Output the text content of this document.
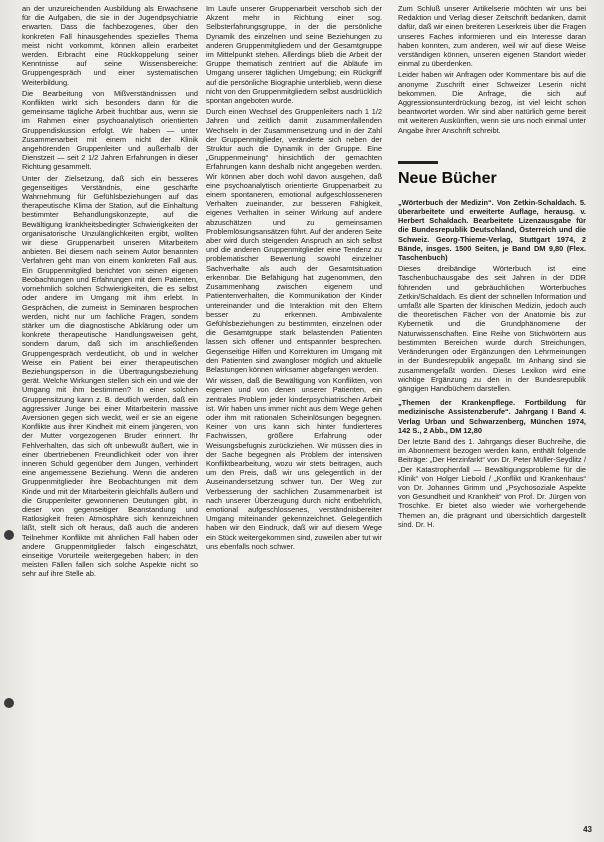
an der unzureichenden Ausbildung als Erwachsene für die Aufgaben, die sie in der Jugendpsychiatrie erwarten. Dass die fachbezogenes, über den konkreten Fall hinausgehendes spezielles Thema meist nicht vorkommt, können allein erarbeitet werden. Erbracht eine Rückkoppelung seiner Kenntnisse auf seine Wissensbereiche: Gruppengespräch und einer systematischen Weiterbildung.

Die Bearbeitung von Mißverständnissen und Konflikten wirkt sich besonders dann für die gemeinsame tägliche Arbeit fruchtbar aus, wenn sie im Rahmen einer psychoanalytisch orientierten Gruppendiskussion erfolgt. Wir haben — unter Zusammenarbeit mit einem nicht der Klinik angehörenden Gruppenleiter und außerhalb der Dienstzeit — seit 2 1/2 Jahren Erfahrungen in dieser Richtung gesammelt.

Unter der Zielsetzung, daß sich ein besseres gegenseitiges Verständnis, eine geschärfte Wahrnehmung für Gefühlsbeziehungen auf das therapeutische Klima der Station, auf die Einhaltung bestimmter Behandlungskonzepte, auf die Bewältigung krankheitsbedingter Schwierigkeiten der organisatorische Unzulänglichkeiten ergibt, wollten wir diese Gruppenarbeit unseren Mitarbeitern anbieten. Bei diesem nach seinem Autor benannten Verfahren geht man von einem konkreten Fall aus. Ein Gruppenmitglied berichtet von seinen eigenen Beobachtungen und Erfahrungen mit dem Patienten, vornehmlich solchen Schwierigkeiten, die es selbst oder andere im Umgang mit ihm erlebt. In Gesprächen, die zumeist in Seminaren besprochen werden, nicht nur um fachliche Fragen, sondern stärker um die diagnostische Abklärung oder um konkrete therapeutische Handlungsweisen geht, sondern darum, daß sich im anschließenden Gruppengespräch verdeutlicht, ob und in welcher Weise ein Patient bei einer therapeutischen Beziehungsperson in die Übertragungsbeziehung gerät. Welche Wirkungen stellen sich ein und wie der Umgang mit ihm bestimmen? In einer solchen Gruppensitzung kann z. B. deutlich werden, daß ein aggressiver Junge bei einer Mitarbeiterin massive Aversionen gegen sich weckt, weil er sie an eigene Konflikte aus ihrer Kindheit mit einem jüngeren, von der Mutter vorgezogenen Bruder erinnert. Ihr Fehlverhalten, das sich oft unbewußt äußert, wie in einer übertriebenen Freundlichkeit oder von ihrer inneren Schuld gegenüber dem Jungen, verhindert eine angemessene Beziehung. Wenn die anderen Gruppenmitglieder ihre Beobachtungen mit dem Kinde und mit der Mitarbeiterin gleichfalls äußern und die Gruppenleiter gewonnenen Deutungen gibt, in dieser von gegenseitiger Beanstandung und Ratlosigkeit freien Atmosphäre sich kennzeichnen läßt, stellt sich oft heraus, daß auch die anderen Teilnehmer Konflikte mit ähnlichen Fall haben oder andere Gruppenmitglieder falsch eingeschätzt, einseitige Vorurteile weitergegeben haben; in den meisten Fällen fallen sich solche Aspekte nicht so sehr auf ihre Stelle ab.

Im Laufe unserer Gruppenarbeit verschob sich der Akzent mehr in Richtung einer sog. Selbsterfahrungsgruppe, in der die persönliche Dynamik des einzelnen und seine Beziehungen zu anderen Gruppenmitgliedern und der Gesamtgruppe im Mittelpunkt stehen. Allerdings blieb die Arbeit der Gruppe thematisch zentriert auf die Abläufe im Umgang unserer täglichen Umgebung; ein Rückgriff auf die persönliche Biographie unterblieb, wenn diese nicht von den Gruppenmitgliedern selbst ausdrücklich spontan angeboten wurde.

Durch einen Wechsel des Gruppenleiters nach 1 1/2 Jahren und zeitlich damit zusammenfallenden Wechseln in der Zusammensetzung und in der Zahl der Gruppenmitglieder, veränderte sich neben der Struktur auch die Dynamik in der Gruppe. Eine „Gruppenmeinung“ hinsichtlich der gemachten Erfahrungen kann deshalb nicht angegeben werden. Wir können aber doch wohl davon ausgehen, daß eine psychoanalytisch orientierte Gruppenarbeit zu einem spontaneren, emotional aufgeschlosseneren Verhalten zueinander, zur besseren Fähigkeit, eigenes Verhalten in seiner Wirkung auf andere abzuschätzen und zu gemeinsamen Problemlösungsansätzen führt. Auf der anderen Seite aber wird durch steigenden Anspruch an sich selbst und die anderen Gruppenmitglieder eine Tendenz zu problematischer Bewertung sowohl einzelner Sachverhalte als auch der Gesamtsituation erkennbar. Die Befähigung hat zugenommen, den Zusammenhang zwischen eigenem und Patientenverhalten, die Kommunikation der Kinder untereinander und die Interaktion mit den Eltern besser zu erkennen. Ambivalente Gefühlsbeziehungen zu bestimmten, einzelnen oder die Gesamtgruppe stark belastenden Patienten lassen sich offener und entspannter besprechen. Gegenseitige Hilfen und Korrekturen im Umgang mit den Patienten sind zwangloser möglich und aktuelle Belastungen können wirksamer abgefangen werden.

Wir wissen, daß die Bewältigung von Konflikten, von eigenen und von denen unserer Patienten, ein zentrales Problem jeder kinderpsychiatrischen Arbeit ist. Wir haben uns immer nicht aus dem Wege gehen oder ihm mit rationalen Scheinlösungen begegnen. Keiner von uns kann sich hinter fundierteres Fachwissen, größere Erfahrung oder Weisungsbefugnis zurückziehen. Wir müssen dies in der Sache begegnen als Problem der intensiven Konfliktbearbeitung, wozu wir stets beitragen, auch um den Preis, daß wir uns gelegentlich in der Auseinandersetzung schwer tun. Der Weg zur Verbesserung der sachlichen Zusammenarbeit ist nach unserer Überzeugung durch nicht entbehrlich, emotional aufgeschlossenes, verständnisbereiter Umgang miteinander gekennzeichnet. Gelegentlich haben wir den Eindruck, daß wir auf diesem Wege ein Stück weitergekommen sind, zuweilen aber tut wir uns ebenfalls noch schwer.

Zum Schluß unserer Artikelserie möchten wir uns bei Redaktion und Verlag dieser Zeitschrift bedanken, damit dafür, daß wir einen breiteren Leserkreis über die Fragen unseres Faches informieren und ein Interesse daran haben konnten, zum anderen, weil wir auf diese Weise verständigen können, unseren eigenen Standort wieder einmal zu überdenken.

Leider haben wir Anfragen oder Kommentare bis auf die anonyme Zuschrift einer Schweizer Leserin nicht bekommen. Die Anfrage, die sich auf Aggressionsunterdrückung bezog, ist viel leicht schon beantwortet worden. Wir sind aber natürlich gerne bereit mit weiteren Auskünften, wenn sie uns noch einmal unter Angabe ihrer Anschrift schreibt.

Neue Bücher

„Wörterbuch der Medizin“. Von Zetkin-Schaldach. 5. überarbeitete und erweiterte Auflage, herausg. v. Herbert Schaldach. Bearbeitete Lizenzausgabe für die Bundesrepublik Deutschland, Österreich und die Schweiz. Georg-Thieme-Verlag, Stuttgart 1974, 2 Bände, insges. 1500 Seiten, je Band DM 9,80 (Flex. Taschenbuch)

Dieses dreibändige Wörterbuch ist eine Taschenbuchausgabe des seit Jahren in der DDR führenden und gebräuchlichen Wörterbuches Zetkin/Schaldach. Es dient der schnellen Information und umfaßt alle Sparten der klinischen Medizin, jedoch auch die theoretischen Fächer von der Anatomie bis zur Kybernetik und die Grundphänomene der Naturwissenschaften. Eine Reihe von Stichwörtern aus bestimmten Bereichen wurde durch Streichungen, Veränderungen oder Ergänzungen den Lehrmeinungen in der Bundesrepublik angepaßt. Im Anhang sind sie zusammengefaßt worden. Dieses Lexikon wird eine wichtige Ergänzung zu den in der Bundesrepublik gängigen Handbüchern darstellen.

„Themen der Krankenpflege. Fortbildung für medizinische Assistenzberufe“. Jahrgang I Band 4. Verlag Urban und Schwarzenberg, München 1974, 142 S., 2 Abb., DM 12,80

Der letzte Band des 1. Jahrgangs dieser Buchreihe, die im Abonnement bezogen werden kann, enthält folgende Beiträge: „Der Herzinfarkt“ von Dr. Peter Müller-Seydlitz / „Der Katastrophenfall — Bewältigungsprobleme für die Klinik“ von Holger Liebold / „Konflikt und Krankenhaus“ von Dr. Johannes Grimm und „Psychosoziale Aspekte von Gesundheit und Krankheit“ von Prof. Dr. Jürgen von Troschke. Er bietet also wieder wie vorhergehende Themen an, die prägnant und übersichtlich dargestellt sind. Dr. H.

43
